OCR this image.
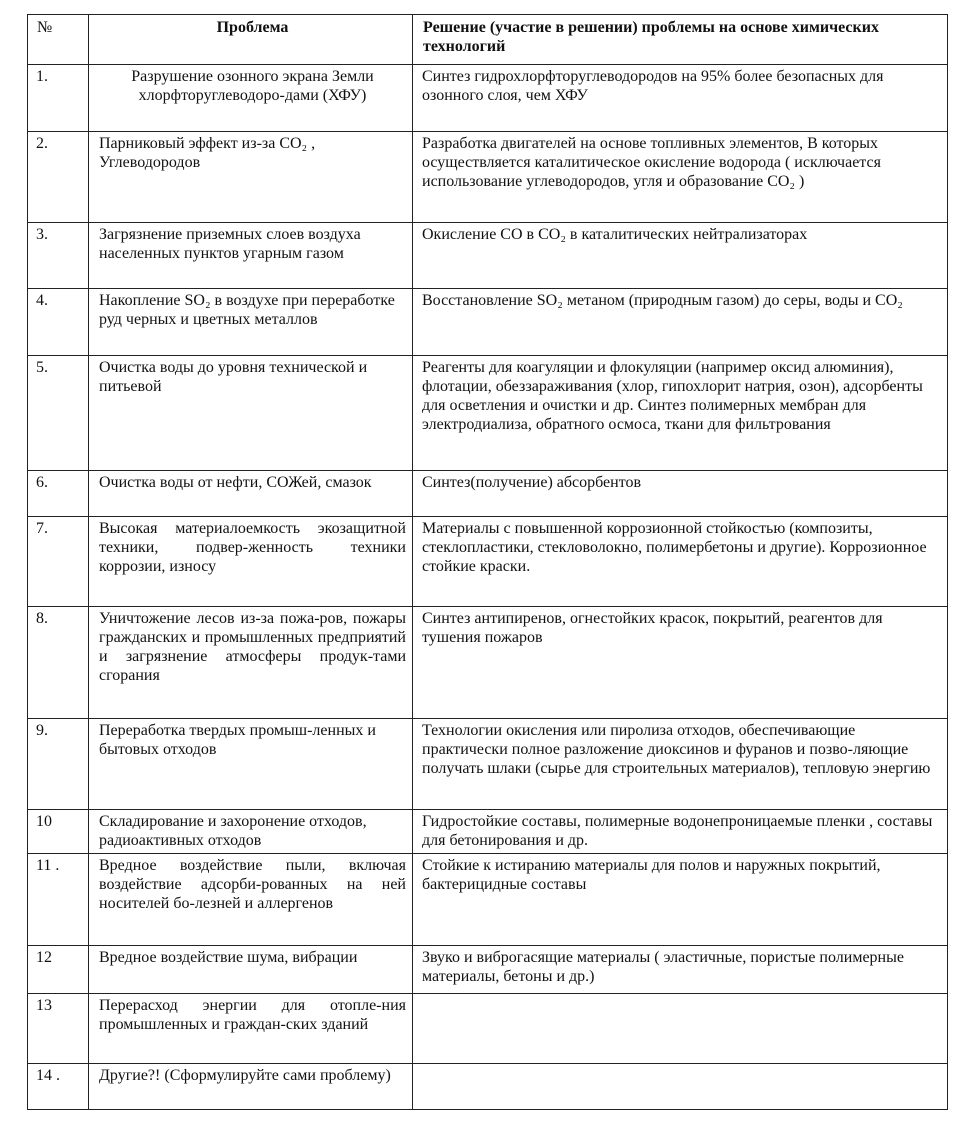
№	Проблема	Решение (участие в решении) проблемы на основе химических технологий
1.	Разрушение озонного экрана Земли хлорфторуглеводоро-дами (ХФУ)	Синтез гидрохлорфторуглеводородов на 95% более безопасных для озонного слоя, чем ХФУ
2.	Парниковый эффект из-за CO₂ , Углеводородов	Разработка двигателей на основе топливных элементов, В которых осуществляется каталитическое окисление водорода ( исключается использование углеводородов, угля и образование CO₂ )
3.	Загрязнение приземных слоев воздуха населенных пунктов угарным газом	Окисление CO в CO₂ в каталитических нейтрализаторах
4.	Накопление SO₂ в воздухе при переработке руд черных и цветных металлов	Восстановление SO₂ метаном (природным газом) до серы, воды и CO₂
5.	Очистка воды до уровня технической и питьевой	Реагенты для коагуляции и флокуляции (например оксид алюминия), флотации, обеззараживания (хлор, гипохлорит натрия, озон), адсорбенты для осветления и очистки и др. Синтез полимерных мембран для электродиализа, обратного осмоса, ткани для фильтрования
6.	Очистка воды от нефти, СОЖей, смазок	Синтез(получение) абсорбентов
7.	Высокая материалоемкость экозащитной техники, подвер-женность техники коррозии, износу	Материалы с повышенной коррозионной стойкостью (композиты, стеклопластики, стекловолокно, полимербетоны и другие). Коррозионное стойкие краски.
8.	Уничтожение лесов из-за пожа-ров, пожары гражданских и промышленных предприятий и загрязнение атмосферы продук-тами сгорания	Синтез антипиренов, огнестойких красок, покрытий, реагентов для тушения пожаров
9.	Переработка твердых промыш-ленных и бытовых отходов	Технологии окисления или пиролиза отходов, обеспечивающие практически полное разложение диоксинов и фуранов и позво-ляющие получать шлаки (сырье для строительных материалов), тепловую энергию
10	Складирование и захоронение отходов, радиоактивных отходов	Гидростойкие составы, полимерные водонепроницаемые пленки , составы для бетонирования и др.
11 .	Вредное воздействие пыли, включая воздействие адсорби-рованных на ней носителей бо-лезней и аллергенов	Стойкие к истиранию материалы для полов и наружных покрытий, бактерицидные составы
12	Вредное воздействие шума, вибрации	Звуко и виброгасящие материалы ( эластичные, пористые полимерные материалы, бетоны и др.)
13	Перерасход энергии для отопле-ния промышленных и граждан-ских зданий	
14 .	Другие?! (Сформулируйте сами проблему)	
